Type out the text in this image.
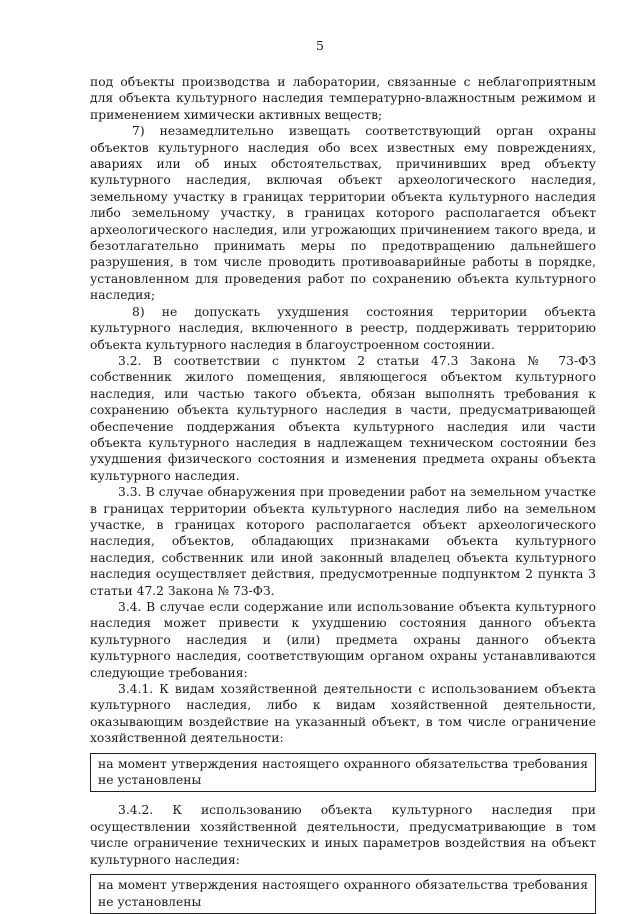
5

под объекты производства и лаборатории, связанные с неблагоприятным для объекта культурного наследия температурно-влажностным режимом и применением химически активных веществ;

7) незамедлительно извещать соответствующий орган охраны объектов культурного наследия обо всех известных ему повреждениях, авариях или об иных обстоятельствах, причинивших вред объекту культурного наследия, включая объект археологического наследия, земельному участку в границах территории объекта культурного наследия либо земельному участку, в границах которого располагается объект археологического наследия, или угрожающих причинением такого вреда, и безотлагательно принимать меры по предотвращению дальнейшего разрушения, в том числе проводить противоаварийные работы в порядке, установленном для проведения работ по сохранению объекта культурного наследия;

8) не допускать ухудшения состояния территории объекта культурного наследия, включенного в реестр, поддерживать территорию объекта культурного наследия в благоустроенном состоянии.

3.2. В соответствии с пунктом 2 статьи 47.3 Закона № 73-ФЗ собственник жилого помещения, являющегося объектом культурного наследия, или частью такого объекта, обязан выполнять требования к сохранению объекта культурного наследия в части, предусматривающей обеспечение поддержания объекта культурного наследия или части объекта культурного наследия в надлежащем техническом состоянии без ухудшения физического состояния и изменения предмета охраны объекта культурного наследия.

3.3. В случае обнаружения при проведении работ на земельном участке в границах территории объекта культурного наследия либо на земельном участке, в границах которого располагается объект археологического наследия, объектов, обладающих признаками объекта культурного наследия, собственник или иной законный владелец объекта культурного наследия осуществляет действия, предусмотренные подпунктом 2 пункта 3 статьи 47.2 Закона № 73-ФЗ.

3.4. В случае если содержание или использование объекта культурного наследия может привести к ухудшению состояния данного объекта культурного наследия и (или) предмета охраны данного объекта культурного наследия, соответствующим органом охраны устанавливаются следующие требования:

3.4.1. К видам хозяйственной деятельности с использованием объекта культурного наследия, либо к видам хозяйственной деятельности, оказывающим воздействие на указанный объект, в том числе ограничение хозяйственной деятельности:

на момент утверждения настоящего охранного обязательства требования не установлены

3.4.2. К использованию объекта культурного наследия при осуществлении хозяйственной деятельности, предусматривающие в том числе ограничение технических и иных параметров воздействия на объект культурного наследия:

на момент утверждения настоящего охранного обязательства требования не установлены
